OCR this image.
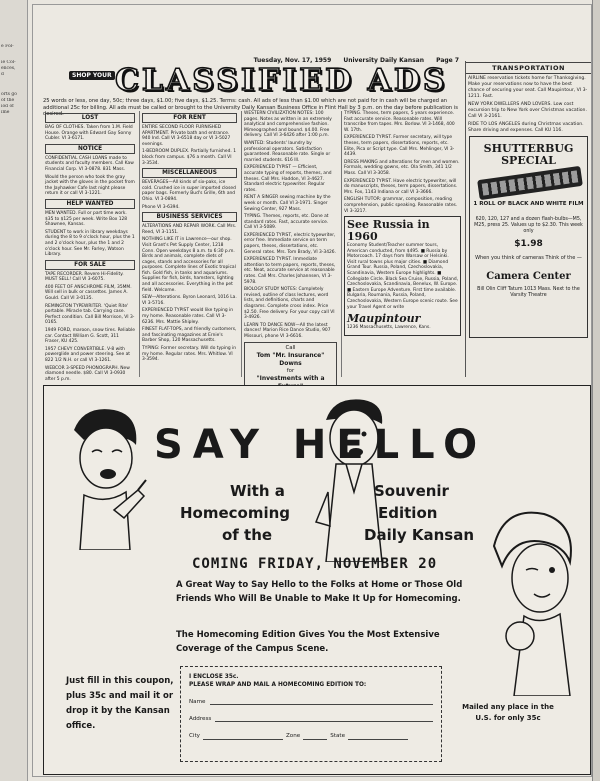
e Fol-
ie Col-
ences,
d
orts go
of the
iod of
ime
Tuesday, Nov. 17, 1959 University Daily Kansan Page 7
SHOP YOUR CLASSIFIED ADS
25 words or less, one day, 50c; three days, $1.00; five days, $1.25. Terms: cash. All ads of less than $1.00 which are not paid for in cash will be charged an additional 25c for billing. All ads must be called or brought to the University Daily Kansan Business Office in Flint Hall by 3 p.m. on the day before publication is desired.
TRANSPORTATION
AIRLINE reservation tickets home for Thanksgiving. Make your reservations now to have the best chance of securing your seat. Call Maupintour, VI 3-1211. Fast.
NEW YORK DWELLERS AND LOVERS. Low cost excursion trip to New York over Christmas vacation. Call VI 3-2161.
RIDE TO LOS ANGELES during Christmas vacation. Share driving and expenses. Call KU 116.
SHUTTERBUG SPECIAL
1 ROLL OF BLACK AND WHITE FILM
620, 120, 127 and a dozen flash-bulbs—M5, M25, press 25. Values up to $2.30. This week only
$1.98
When you think of cameras Think of the —
Camera Center
Bill Olin Cliff Tatum 1013 Mass. Next to the Varsity Theatre
LOST
BAG OF CLOTHES. Taken from 1.M. Field House. Orange with Edward Gay Sonny Cubler. VI 3-6171.
NOTICE
CONFIDENTIAL CASH LOANS made to students and faculty members. Call Kaw Financial Corp. VI 3-0878. 831 Mass.
Would the person who took the gray jacket with the gloves in the pocket from the Jayhawker Cafe last night please return it or call VI 3-1221.
HELP WANTED
MEN WANTED. Full or part time work. $35 to $125 per week. Write Box 128 Shawnee, Kansas.
STUDENT to work in library weekdays during the 8 to 9 o'clock hour, plus the 1 and 2 o'clock hour, plus the 1 and 2 o'clock hour. See Mr. Farley, Watson Library.
FOR SALE
TAPE RECORDER. Revere Hi-Fidelity. MUST SELL! Call VI 3-6075.
400 FEET OF ANSCHROME FILM, 35MM. Will sell in bulk or cassettes. James A. Gould. Call VI 3-0135.
REMINGTON TYPEWRITER. 'Quiet Rite' portable. Miracle tab. Carrying case. Perfect condition. Call Bill Morrison, VI 3-0165.
1949 FORD, maroon, snow tires. Reliable car. Contact William G. Scott, 311 Fraser, KU 425.
1957 CHEVY CONVERTIBLE. V-8 with powerglide and power steering. See at 822 1/2 N.H. or call VI 3-1261.
WEBCOR 3-SPEED PHONOGRAPH. New diamond needle. $80. Call VI 3-0930 after 5 p.m.
FOR RENT
ENTIRE SECOND FLOOR FURNISHED APARTMENT. Private bath and entrance. 940 Ind. Call VI 3-6518 day or VI 3-5027 evenings.
1-BEDROOM DUPLEX. Partially furnished. 1 block from campus. $76 a month. Call VI 3-3534.
MISCELLANEOUS
BEVERAGES—All kinds of six-paks, ice cold. Crushed ice in super imported closed paper bags. Formerly Bud's Grille, 6th and Ohio. VI 3-0894.
Phone VI 3-6394.
BUSINESS SERVICES
ALTERATIONS AND REPAIR WORK. Call Mrs. Reed, VI 3-1151.
NOTHING LIKE IT in Lawrence—our shop. Visit Grant's Pet Supply Center, 1218 Conn. Open weekdays 8 a.m. to 6:30 p.m. Birds and animals, complete diets of cages, stands and accessories for all purposes. Complete lines of Exotic tropical fish. Gold fish, in tanks and aquariums. Supplies for fish, birds, hamsters, lighting and all accessories. Everything in the pet field. Welcome.
SEW—Alterations. Byron Leonard, 1016 La. VI 3-5716.
EXPERIENCED TYPIST would like typing in my home. Reasonable rates. Call VI 3-6236. Mrs. Mattie Shipley.
FINEST FLAT-TOPS, and friendly customers, and fascinating magazines at Ernie's Barber Shop, 120 Massachusetts.
TYPING: Former secretary. Will do typing in my home. Regular rates. Mrs. Whitlow. VI 3-3594.
WESTERN CIVILIZATION NOTES: 100 pages. Notes as written in an extremely analytical and comprehensive fashion. Mimeographed and bound. $4.00. Free delivery. Call VI 3-6426 after 1:00 p.m.
WANTED: Students' laundry by professional operators. Satisfaction guaranteed. Reasonable rate. Single or married students. 616 Ill.
EXPERIENCED TYPIST — Efficient, accurate typing of reports, themes, and theses. Call Mrs. Haddon, VI 3-4627. Standard electric typewriter. Regular rates.
RENT A SINGER sewing machine by the week or month. Call VI 3-1971. Singer Sewing Center, 927 Mass.
TYPING. Themes, reports, etc. Done at standard rates. Fast, accurate service. Call VI 3-5089.
EXPERIENCED TYPIST, electric typewriter, error free. Immediate service on term papers, theses, dissertations, etc. General rates. Mrs. Tom Brady, VI 3-3426.
EXPERIENCED TYPIST. Immediate attention to term papers, reports, theses, etc. Neat, accurate service at reasonable rates. Call Mrs. Charles Johannsen, VI 3-5978.
BIOLOGY STUDY NOTES: Completely revised, outline of class lectures, word lists, and definitions, charts and diagrams. Complete cross index. Price $2.50. Free delivery. For your copy call VI 3-4926.
LEARN TO DANCE NOW—All the latest dances! Marion Rice Dance Studio, 907 Missouri, phone VI 3-6616.
Call
Tom "Mr. Insurance" Downs
for
"Investments with a
TYPING. Theses, term papers, 5 years experience. Fast accurate service. Reasonable rates. Will transcribe from tapes. Mrs. Borlow. VI 3-1468, 400 W. 17th.
EXPERIENCED TYPIST. Former secretary, will type theses, term papers, dissertations, reports, etc. Elite, Pica or Script type. Call Mrs. Mehlinger, VI 3-4439.
DRESS MAKING and alterations for men and women. Formals, wedding gowns, etc. Ola Smith, 341 1/2 Mass. Call VI 3-3058.
EXPERIENCED TYPIST. Have electric typewriter, will do manuscripts, theses, term papers, dissertations. Mrs. Fox, 1143 Indiana or call VI 3-3666.
ENGLISH TUTOR: grammar, composition, reading comprehension, public speaking. Reasonable rates. VI 3-3217.
See Russia in 1960
Economy Student/Teacher summer tours, American conducted, from $495. ■ Russia by Motorcoach. 17 days from Warsaw or Helsinki. Visit rural towns plus major cities. ■ Diamond Grand Tour. Russia, Poland, Czechoslovakia, Scandinavia, Western Europe highlights. ■ Collegiate Circle. Black Sea Cruise, Russia, Poland, Czechoslovakia, Scandinavia, Benelux, W. Europe. ■ Eastern Europe Adventure. First time available. Bulgaria, Roumania, Russia, Poland, Czechoslovakia, Western Europe scenic route. See your Travel Agent or write
Maupintour
1236 Massachusetts, Lawrence, Kans.
SAY HELLO
With a	Souvenir
Homecoming	Edition
of the	Daily Kansan
COMING FRIDAY, NOVEMBER 20
A Great Way to Say Hello to the Folks at Home or Those Old Friends Who Will Be Unable to Make It Up for Homecoming.
The Homecoming Edition Gives You the Most Extensive Coverage of the Campus Scene.
Just fill in this coupon, plus 35c and mail it or drop it by the Kansan office.
I ENCLOSE 35c.
PLEASE WRAP AND MAIL A HOMECOMING EDITION TO:
Name
Address
City	Zone	State
Mailed any place in the U.S. for only 35c
